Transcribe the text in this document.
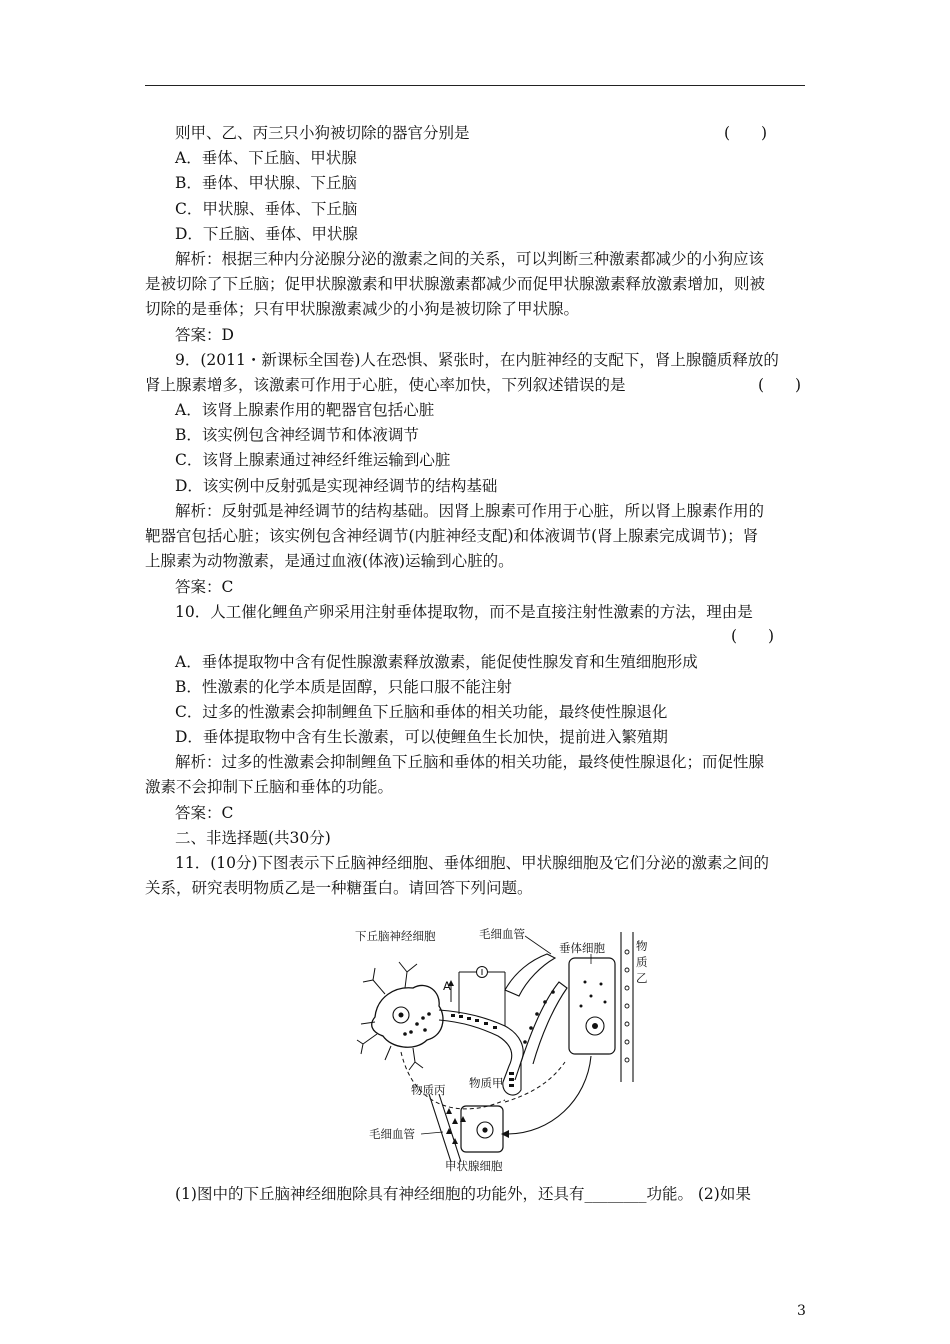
则甲、乙、丙三只小狗被切除的器官分别是	(　　)
A．垂体、下丘脑、甲状腺
B．垂体、甲状腺、下丘脑
C．甲状腺、垂体、下丘脑
D．下丘脑、垂体、甲状腺
解析：根据三种内分泌腺分泌的激素之间的关系，可以判断三种激素都减少的小狗应该
是被切除了下丘脑；促甲状腺激素和甲状腺激素都减少而促甲状腺激素释放激素增加，则被
切除的是垂体；只有甲状腺激素减少的小狗是被切除了甲状腺。
答案：D
9．(2011・新课标全国卷)人在恐惧、紧张时，在内脏神经的支配下，肾上腺髓质释放的
肾上腺素增多，该激素可作用于心脏，使心率加快，下列叙述错误的是	(　　)
A．该肾上腺素作用的靶器官包括心脏
B．该实例包含神经调节和体液调节
C．该肾上腺素通过神经纤维运输到心脏
D．该实例中反射弧是实现神经调节的结构基础
解析：反射弧是神经调节的结构基础。因肾上腺素可作用于心脏，所以肾上腺素作用的
靶器官包括心脏；该实例包含神经调节(内脏神经支配)和体液调节(肾上腺素完成调节)；肾
上腺素为动物激素，是通过血液(体液)运输到心脏的。
答案：C
10．人工催化鲤鱼产卵采用注射垂体提取物，而不是直接注射性激素的方法，理由是
(　　)
A．垂体提取物中含有促性腺激素释放激素，能促使性腺发育和生殖细胞形成
B．性激素的化学本质是固醇，只能口服不能注射
C．过多的性激素会抑制鲤鱼下丘脑和垂体的相关功能，最终使性腺退化
D．垂体提取物中含有生长激素，可以使鲤鱼生长加快，提前进入繁殖期
解析：过多的性激素会抑制鲤鱼下丘脑和垂体的相关功能，最终使性腺退化；而促性腺
激素不会抑制下丘脑和垂体的功能。
答案：C
二、非选择题(共30分)
11．(10分)下图表示下丘脑神经细胞、垂体细胞、甲状腺细胞及它们分泌的激素之间的
关系，研究表明物质乙是一种糖蛋白。请回答下列问题。
A
下丘脑神经细胞	毛细血管
垂体细胞	物
质
乙
物质甲
物质丙
毛细血管
甲状腺细胞
(1)图中的下丘脑神经细胞除具有神经细胞的功能外，还具有________功能。 (2)如果
3
